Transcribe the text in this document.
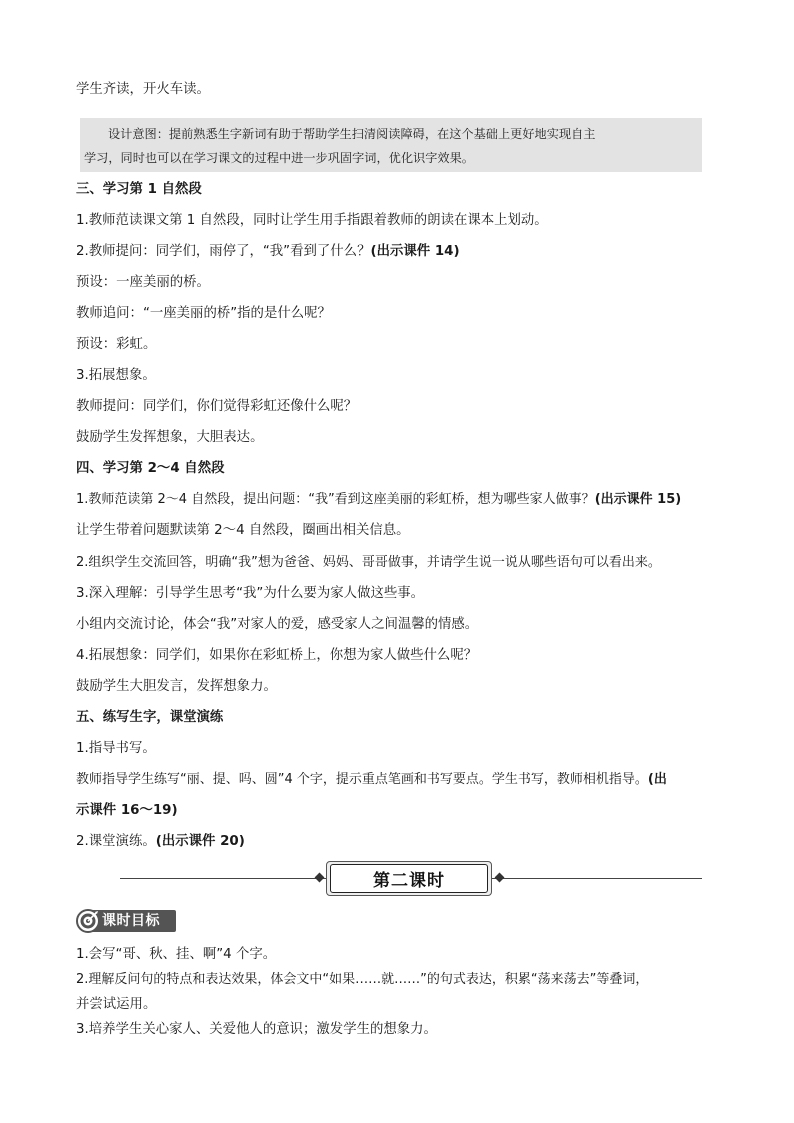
学生齐读，开火车读。
设计意图：提前熟悉生字新词有助于帮助学生扫清阅读障碍，在这个基础上更好地实现自主
学习，同时也可以在学习课文的过程中进一步巩固字词，优化识字效果。
三、学习第 1 自然段
1.教师范读课文第 1 自然段，同时让学生用手指跟着教师的朗读在课本上划动。
2.教师提问：同学们，雨停了，“我”看到了什么？(出示课件 14)
预设：一座美丽的桥。
教师追问：“一座美丽的桥”指的是什么呢？
预设：彩虹。
3.拓展想象。
教师提问：同学们，你们觉得彩虹还像什么呢？
鼓励学生发挥想象，大胆表达。
四、学习第 2～4 自然段
1.教师范读第 2～4 自然段，提出问题：“我”看到这座美丽的彩虹桥，想为哪些家人做事？(出示课件 15)
让学生带着问题默读第 2～4 自然段，圈画出相关信息。
2.组织学生交流回答，明确“我”想为爸爸、妈妈、哥哥做事，并请学生说一说从哪些语句可以看出来。
3.深入理解：引导学生思考“我”为什么要为家人做这些事。
小组内交流讨论，体会“我”对家人的爱，感受家人之间温馨的情感。
4.拓展想象：同学们，如果你在彩虹桥上，你想为家人做些什么呢？
鼓励学生大胆发言，发挥想象力。
五、练写生字，课堂演练
1.指导书写。
教师指导学生练写“丽、提、吗、圆”4 个字，提示重点笔画和书写要点。学生书写，教师相机指导。(出
示课件 16～19)
2.课堂演练。(出示课件 20)
第二课时
课时目标
1.会写“哥、秋、挂、啊”4 个字。
2.理解反问句的特点和表达效果，体会文中“如果……就……”的句式表达，积累“荡来荡去”等叠词，
并尝试运用。
3.培养学生关心家人、关爱他人的意识；激发学生的想象力。
